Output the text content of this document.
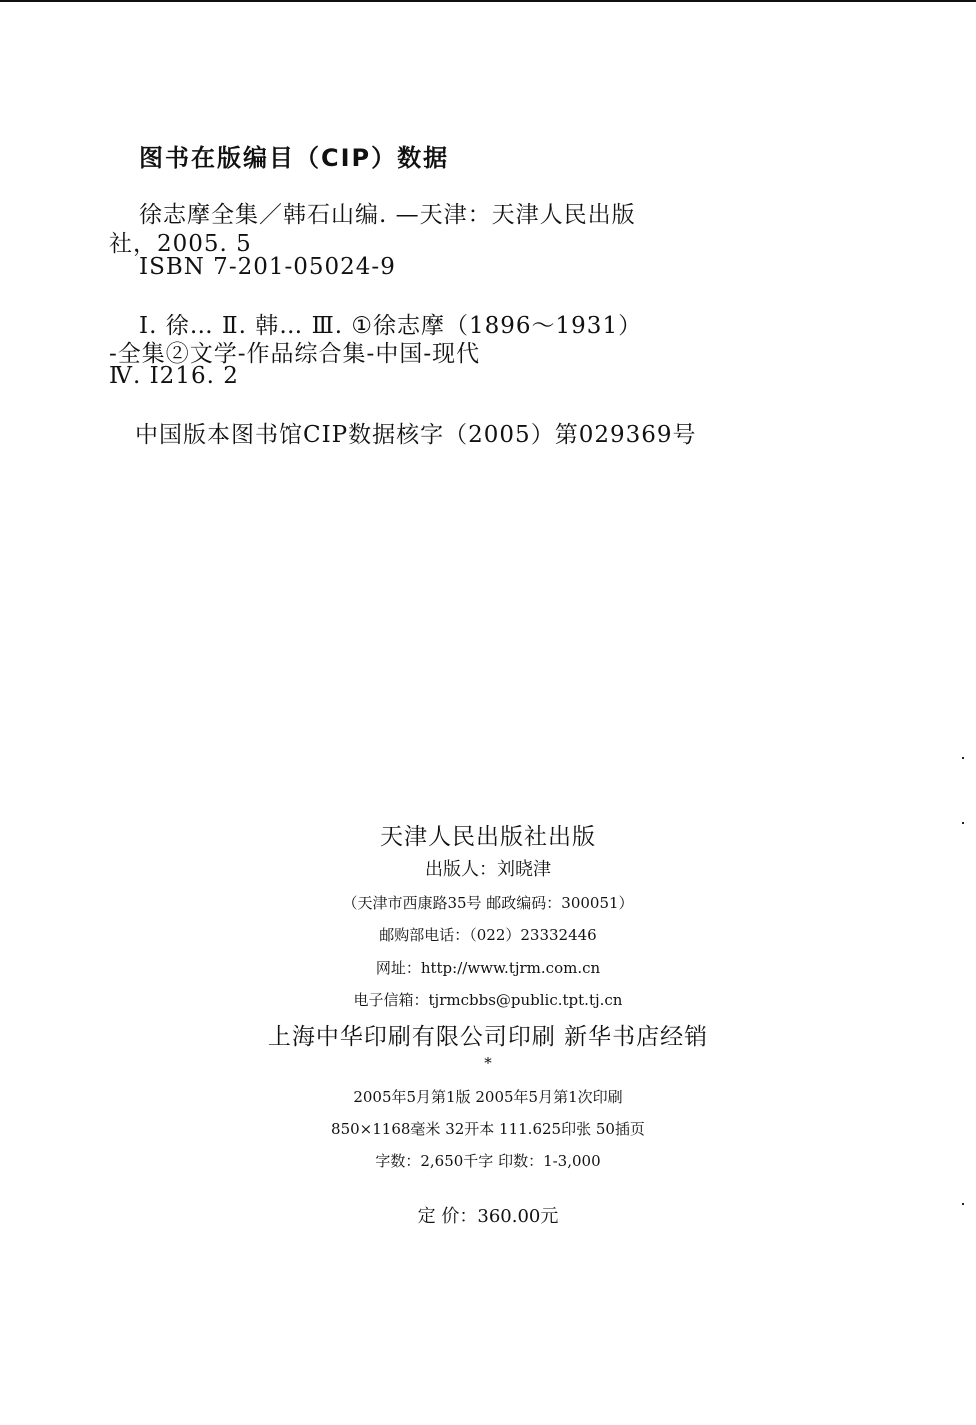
图书在版编目（CIP）数据
徐志摩全集／韩石山编. —天津：天津人民出版
社，2005. 5
ISBN 7-201-05024-9
Ⅰ. 徐… Ⅱ. 韩… Ⅲ. ①徐志摩（1896～1931）
-全集②文学-作品综合集-中国-现代
Ⅳ. I216. 2
中国版本图书馆CIP数据核字（2005）第029369号
天津人民出版社出版
出版人：刘晓津
（天津市西康路35号 邮政编码：300051）
邮购部电话：（022）23332446
网址：http://www.tjrm.com.cn
电子信箱：tjrmcbbs@public.tpt.tj.cn
上海中华印刷有限公司印刷 新华书店经销
*
2005年5月第1版 2005年5月第1次印刷
850×1168毫米 32开本 111.625印张 50插页
字数：2,650千字 印数：1-3,000
定 价：360.00元
